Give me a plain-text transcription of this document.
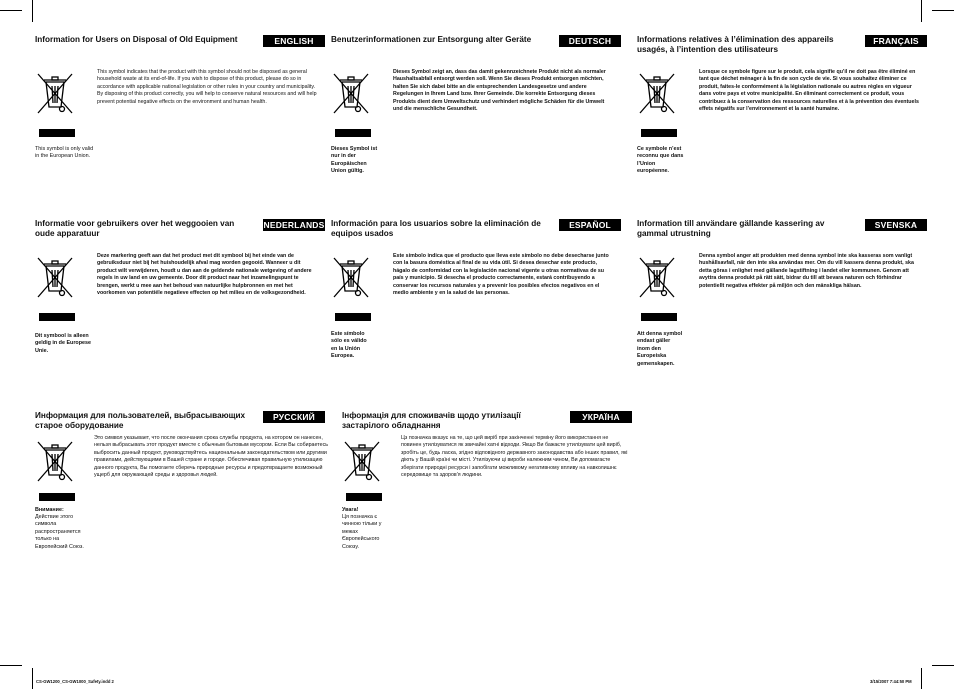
Information for Users on Disposal of Old Equipment	ENGLISH
This symbol is only valid in the European Union.
This symbol indicates that the product with this symbol should not be disposed as general household waste at its end-of-life. If you wish to dispose of this product, please do so in accordance with applicable national legislation or other rules in your country and municipality. By disposing of this product correctly, you will help to conserve natural resources and will help prevent potential negative effects on the environment and human health.
Benutzerinformationen zur Entsorgung alter Geräte	DEUTSCH
Dieses Symbol ist nur in der Europäischen Union gültig.
Dieses Symbol zeigt an, dass das damit gekennzeichnete Produkt nicht als normaler Haushaltsabfall entsorgt werden soll. Wenn Sie dieses Produkt entsorgen möchten, halten Sie sich dabei bitte an die entsprechenden Landesgesetze und andere Regelungen in Ihrem Land bzw. Ihrer Gemeinde. Die korrekte Entsorgung dieses Produkts dient dem Umweltschutz und verhindert mögliche Schäden für die Umwelt und die menschliche Gesundheit.
Informations relatives à l’élimination des appareils usagés, à l’intention des utilisateurs
FRANÇAIS
Ce symbole n’est reconnu que dans l’Union européenne.
Lorsque ce symbole figure sur le produit, cela signifie qu’il ne doit pas être éliminé en tant que déchet ménager à la fin de son cycle de vie. Si vous souhaitez éliminer ce produit, faites-le conformément à la législation nationale ou autres règles en vigueur dans votre pays et votre municipalité. En éliminant correctement ce produit, vous contribuez à la conservation des ressources naturelles et à la prévention des éventuels effets négatifs sur l’environnement et la santé humaine.
Informatie voor gebruikers over het weggooien van oude apparatuur
NEDERLANDS
Dit symbool is alleen geldig in de Europese Unie.
Deze markering geeft aan dat het product met dit symbool bij het einde van de gebruiksduur niet bij het huishoudelijk afval mag worden gegooid. Wanneer u dit product wilt verwijderen, houdt u dan aan de geldende nationale wetgeving of andere regels in uw land en uw gemeente. Door dit product naar het inzamelingspunt te brengen, werkt u mee aan het behoud van natuurlijke hulpbronnen en met het voorkomen van potentiële negatieve effecten op het milieu en de volksgezondheid.
Información para los usuarios sobre la eliminación de equipos usados
ESPAÑOL
Este símbolo sólo es válido en la Unión Europea.
Este símbolo indica que el producto que lleva este símbolo no debe desecharse junto con la basura doméstica al final de su vida útil. Si desea desechar este producto, hágalo de conformidad con la legislación nacional vigente u otras normativas de su país y municipio. Si desecha el producto correctamente, estará contribuyendo a conservar los recursos naturales y a prevenir los posibles efectos negativos en el medio ambiente y en la salud de las personas.
Information till användare gällande kassering av gammal utrustning
SVENSKA
Att denna symbol endast gäller inom den Europeiska gemenskapen.
Denna symbol anger att produkten med denna symbol inte ska kasseras som vanligt hushållsavfall, när den inte ska användas mer. Om du vill kassera denna produkt, ska detta göras i enlighet med gällande lagstiftning i landet eller kommunen. Genom att avyttra denna produkt på rätt sätt, bidrar du till att bevara naturen och förhindrar potentiellt negativa effekter på miljön och den mänskliga hälsan.
Информация для пользователей, выбрасывающих старое оборудование
РУССКИЙ
Внимание:
Действие этого символа распространяется только на Европейский Союз.
Это символ указывает, что после окончания срока службы продукта, на котором он нанесен, нельзя выбрасывать этот продукт вместе с обычным бытовым мусором. Если Вы собираетесь выбросить данный продукт, руководствуйтесь национальным законодательством или другими правилами, действующими в Вашей стране и городе. Обеспечивая правильную утилизацию данного продукта, Вы помогаете сберечь природные ресурсы и предотвращаете возможный ущерб для окружающей среды и здоровья людей.
Інформація для споживачів щодо утилізації застарілого обладнання
УКРАЇНА
Увага!
Ця позначка є чинною тільки у межах Європейського Союзу.
Цз позначка вказує на те, що цей виріб при закінченні терміну його використання не повинен утилізуватися як звичайні хатні відходи. Якщо Ви бажаєте утилізувати цей виріб, зробіть це, будь ласка, згідно відповідного державного законодавства або інших правил, які діють у Вашій країні чи місті. Утилізуючи ці вироби належним чином, Ви допомагаєте зберігати природні ресурси і запобігати можливому негативному впливу на навколишнє середовище та здоров'я людини.
CS-GW1200_CS-GW1000_Safety.indd 2	3/15/2007 7:44:50 PM
